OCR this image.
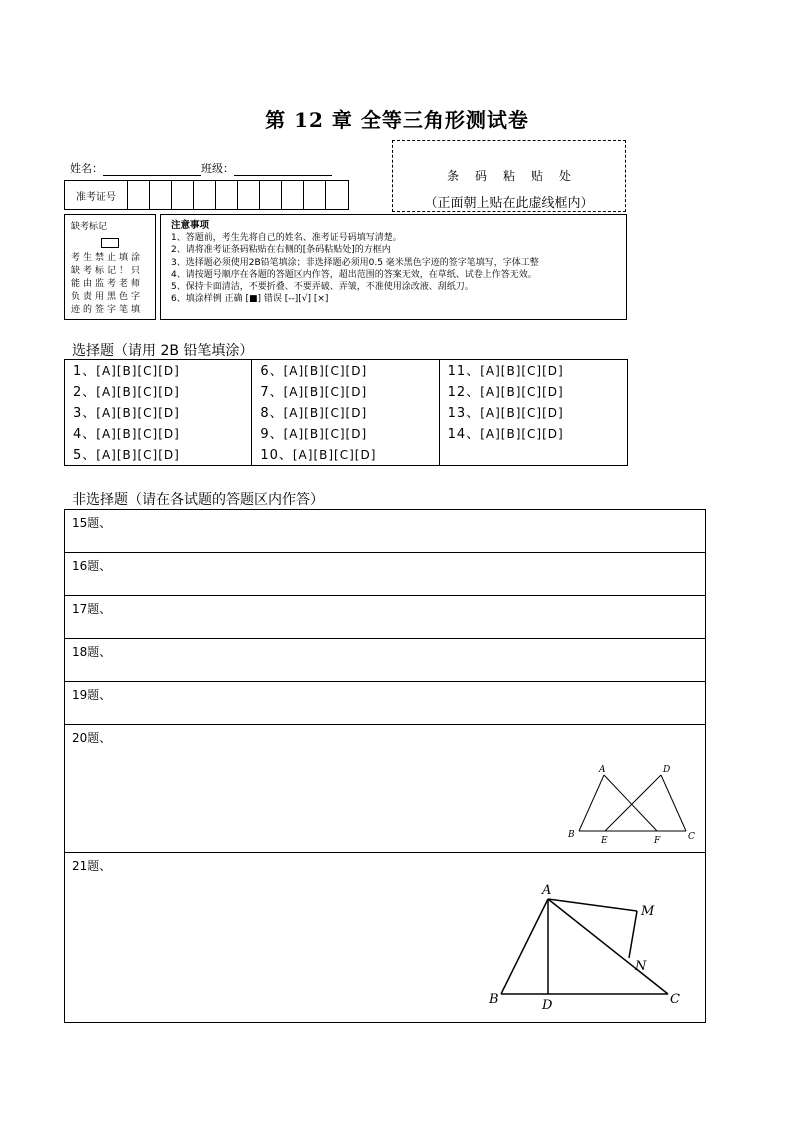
第 12 章 全等三角形测试卷
姓名：	班级：
准考证号
条码粘贴处
（正面朝上贴在此虚线框内）
缺考标记
考生禁止填涂缺考标记！只能由监考老师负责用黑色字迹的签字笔填
注意事项
1、答题前，考生先将自己的姓名、准考证号码填写清楚。
2、请将准考证条码粘贴在右侧的[条码粘贴处]的方框内
3、选择题必须使用2B铅笔填涂；非选择题必须用0.5 毫米黑色字迹的签字笔填写，字体工整
4、请按题号顺序在各题的答题区内作答，超出范围的答案无效，在草纸、试卷上作答无效。
5、保持卡面清洁，不要折叠、不要弄破、弄皱，不准使用涂改液、刮纸刀。
6、填涂样例 正确 [■] 错误 [--][√] [×]
选择题（请用 2B 铅笔填涂）
1、[A][B][C][D]
2、[A][B][C][D]
3、[A][B][C][D]
4、[A][B][C][D]
5、[A][B][C][D]
6、[A][B][C][D]
7、[A][B][C][D]
8、[A][B][C][D]
9、[A][B][C][D]
10、[A][B][C][D]
11、[A][B][C][D]
12、[A][B][C][D]
13、[A][B][C][D]
14、[A][B][C][D]
非选择题（请在各试题的答题区内作答）
15题、
16题、
17题、
18题、
19题、
20题、
A	D
B
E	F	C
21题、
A
M
N
B	D	C
